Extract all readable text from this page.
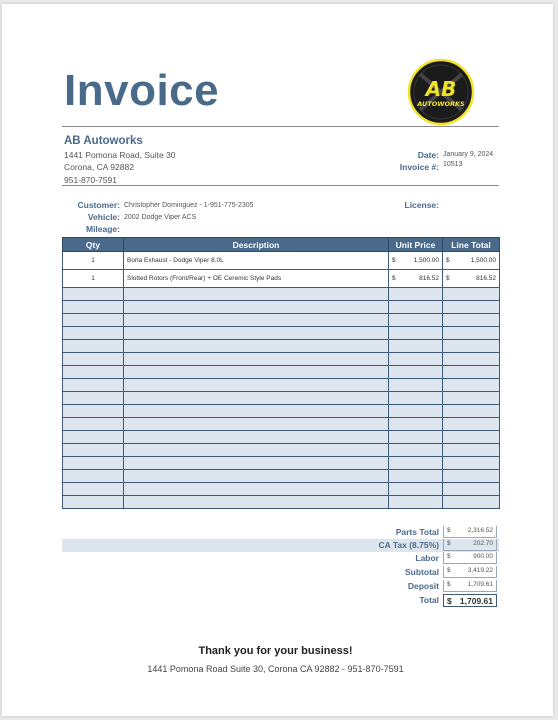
Invoice	AB
AUTOWORKS
AB Autoworks
1441 Pomona Road, Suite 30
Corona, CA 92882
951-870-7591
Date: January 9, 2024
Invoice #: 10513
Customer: Christopher Dominguez - 1-951-775-2305
Vehicle: 2002 Dodge Viper ACS
Mileage:
License:
Qty	Description	Unit Price	Line Total
1	Borla Exhaust - Dodge Viper 8.0L	$ 1,500.00	$ 1,500.00

1	Slotted Rotors (Front/Rear) + OE Ceremic Style Pads	$ 816.52	$ 816.52

Parts Total $	2,316.52
CA Tax (8.75%) $	202.70
Labor $	900.00
Subtotal $	3,419.22
Deposit $	1,709.61
Total $ 1,709.61
Thank you for your business!
1441 Pomona Road Suite 30, Corona CA 92882 - 951-870-7591
